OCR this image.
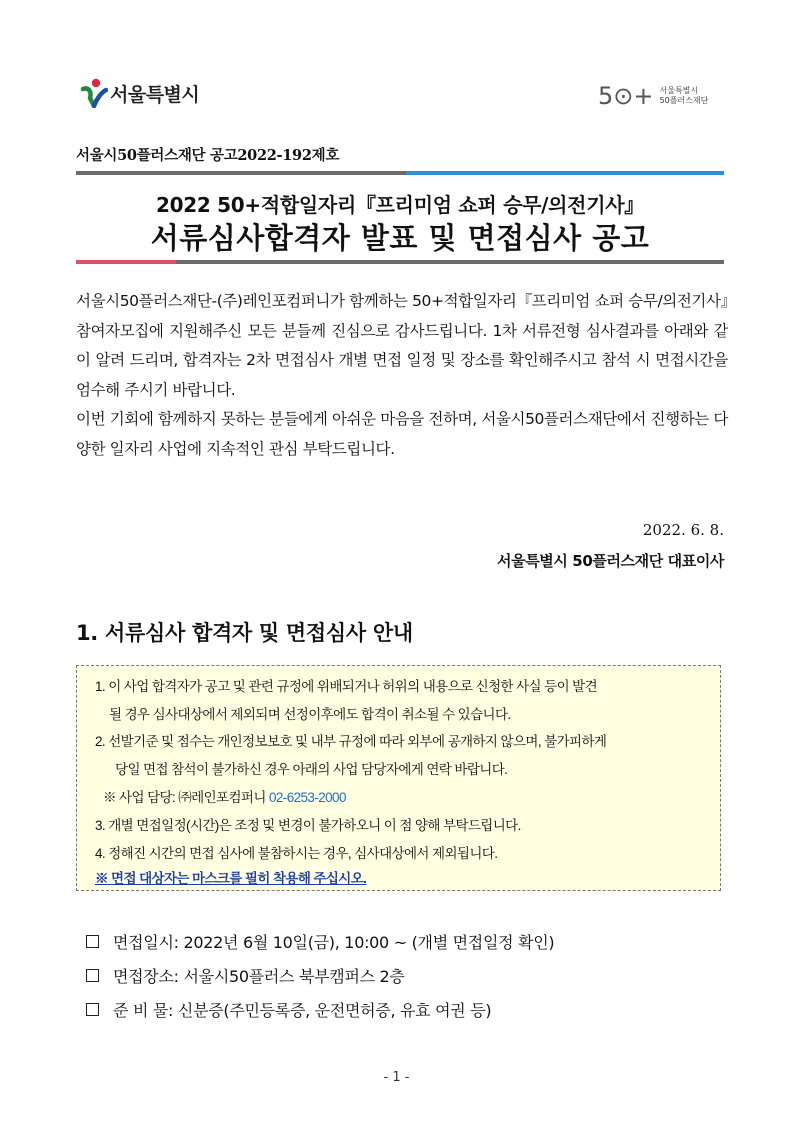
서울특별시	5⊙+ 서울특별시
50플러스재단
서울시50플러스재단 공고2022-192제호
2022 50+적합일자리『프리미엄 쇼퍼 승무/의전기사』
서류심사합격자 발표 및 면접심사 공고

서울시50플러스재단-(주)레인포컴퍼니가 함께하는 50+적합일자리『프리미엄 쇼퍼 승무/의전기사』참여자모집에 지원해주신 모든 분들께 진심으로 감사드립니다. 1차 서류전형 심사결과를 아래와 같이 알려 드리며, 합격자는 2차 면접심사 개별 면접 일정 및 장소를 확인해주시고 참석 시 면접시간을 엄수해 주시기 바랍니다.

이번 기회에 함께하지 못하는 분들에게 아쉬운 마음을 전하며, 서울시50플러스재단에서 진행하는 다양한 일자리 사업에 지속적인 관심 부탁드립니다.

2022. 6. 8.
서울특별시 50플러스재단 대표이사
1. 서류심사 합격자 및 면접심사 안내
1. 이 사업 합격자가 공고 및 관련 규정에 위배되거나 허위의 내용으로 신청한 사실 등이 발견
될 경우 심사대상에서 제외되며 선정이후에도 합격이 취소될 수 있습니다.
2. 선발기준 및 점수는 개인정보보호 및 내부 규정에 따라 외부에 공개하지 않으며, 불가피하게
당일 면접 참석이 불가하신 경우 아래의 사업 담당자에게 연락 바랍니다.
※ 사업 담당: ㈜레인포컴퍼니 02-6253-2000
3. 개별 면접일정(시간)은 조정 및 변경이 불가하오니 이 점 양해 부탁드립니다.
4. 정해진 시간의 면접 심사에 불참하시는 경우, 심사대상에서 제외됩니다.
※ 면접 대상자는 마스크를 필히 착용해 주십시오.
면접일시: 2022년 6월 10일(금), 10:00 ~ (개별 면접일정 확인)
면접장소: 서울시50플러스 북부캠퍼스 2층
준 비 물: 신분증(주민등록증, 운전면허증, 유효 여권 등)
- 1 -
